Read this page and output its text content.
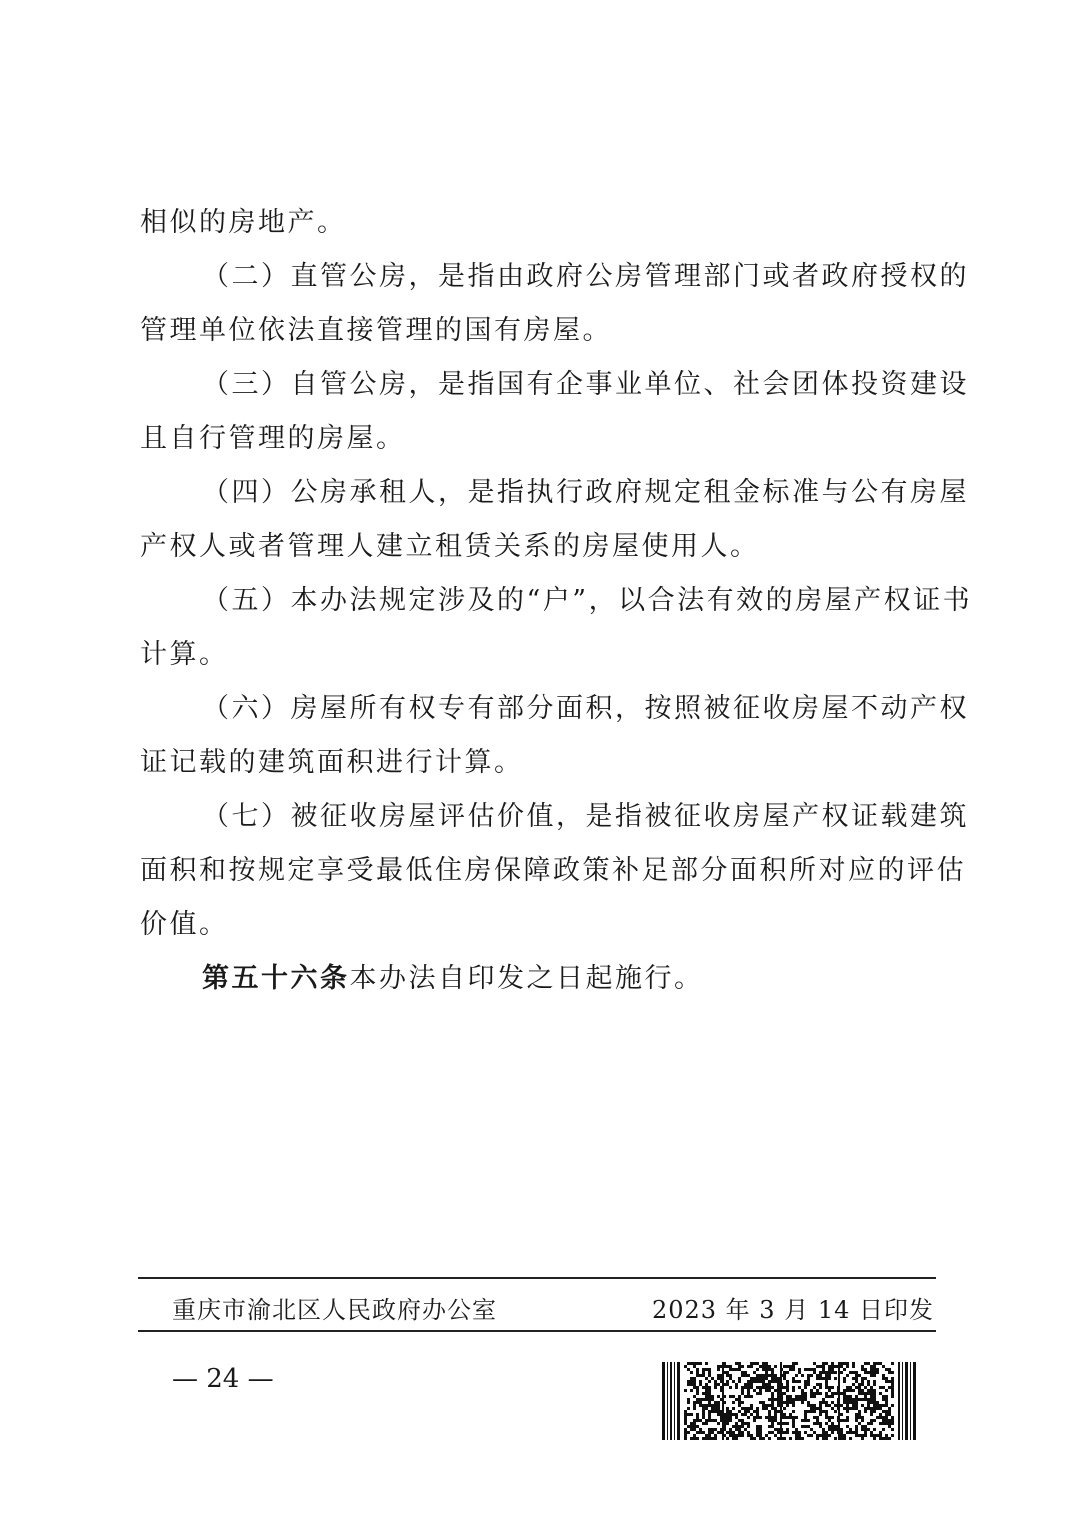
相似的房地产。
（二）直管公房，是指由政府公房管理部门或者政府授权的
管理单位依法直接管理的国有房屋。
（三）自管公房，是指国有企事业单位、社会团体投资建设
且自行管理的房屋。
（四）公房承租人，是指执行政府规定租金标准与公有房屋
产权人或者管理人建立租赁关系的房屋使用人。
（五）本办法规定涉及的“户”，以合法有效的房屋产权证书
计算。
（六）房屋所有权专有部分面积，按照被征收房屋不动产权
证记载的建筑面积进行计算。
（七）被征收房屋评估价值，是指被征收房屋产权证载建筑
面积和按规定享受最低住房保障政策补足部分面积所对应的评估
价值。
第五十六条本办法自印发之日起施行。
重庆市渝北区人民政府办公室	2023 年 3 月 14 日印发
— 24 —
